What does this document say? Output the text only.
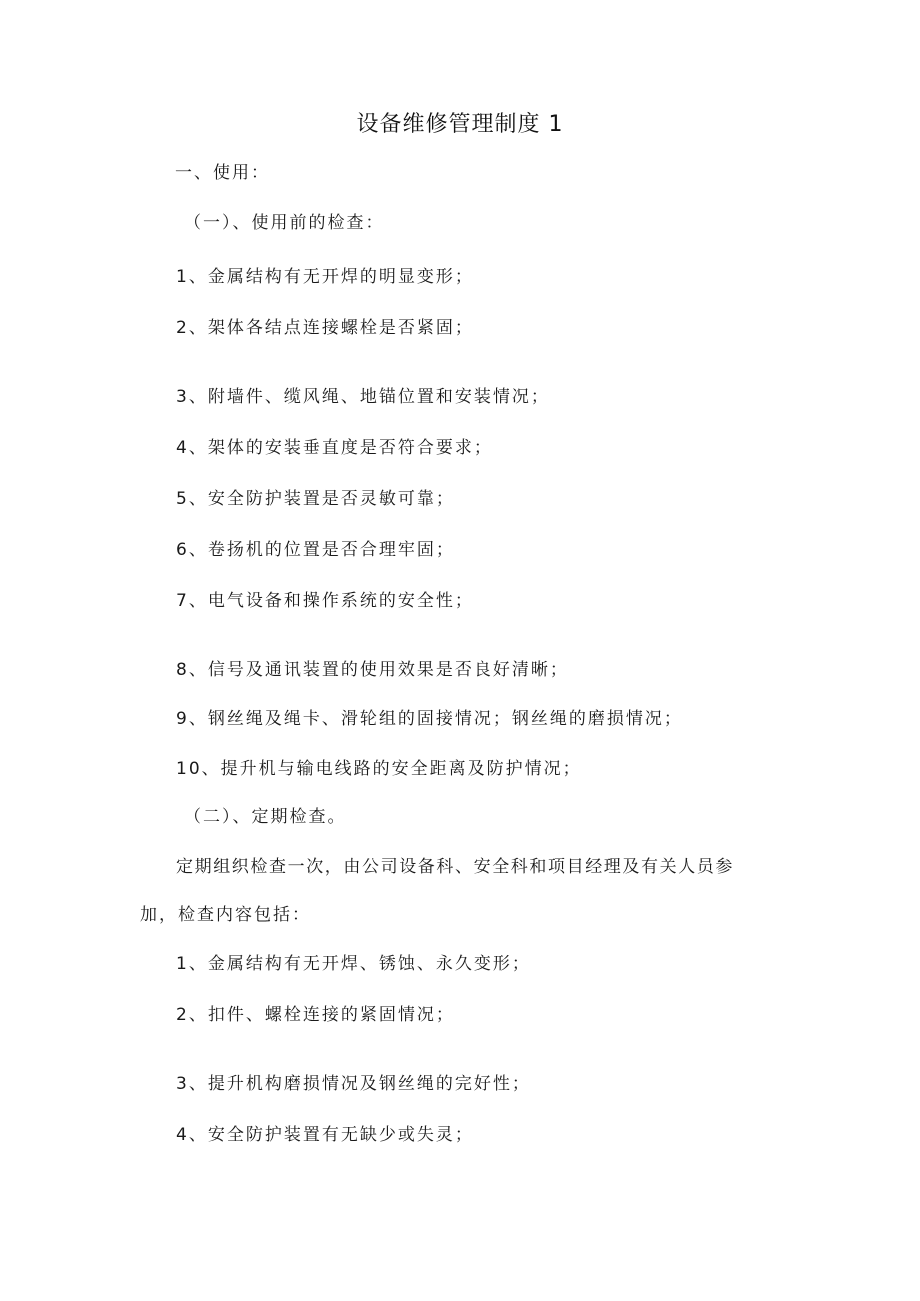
设备维修管理制度 1
一、使用：
（一）、使用前的检查：
1、金属结构有无开焊的明显变形；
2、架体各结点连接螺栓是否紧固；
3、附墙件、缆风绳、地锚位置和安装情况；
4、架体的安装垂直度是否符合要求；
5、安全防护装置是否灵敏可靠；
6、卷扬机的位置是否合理牢固；
7、电气设备和操作系统的安全性；
8、信号及通讯装置的使用效果是否良好清晰；
9、钢丝绳及绳卡、滑轮组的固接情况；钢丝绳的磨损情况；
10、提升机与输电线路的安全距离及防护情况；
（二）、定期检查。
定期组织检查一次，由公司设备科、安全科和项目经理及有关人员参
加，检查内容包括：
1、金属结构有无开焊、锈蚀、永久变形；
2、扣件、螺栓连接的紧固情况；
3、提升机构磨损情况及钢丝绳的完好性；
4、安全防护装置有无缺少或失灵；
